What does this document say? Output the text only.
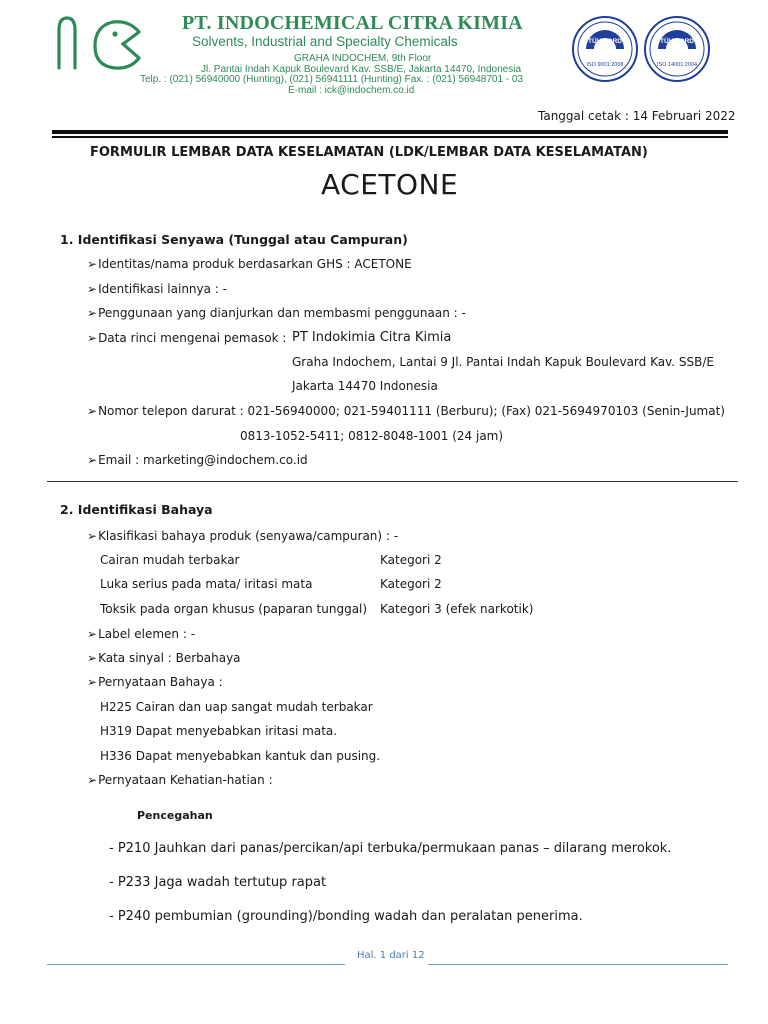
PT. INDOCHEMICAL CITRA KIMIA
Solvents, Industrial and Specialty Chemicals
GRAHA INDOCHEM, 9th Floor
Jl. Pantai Indah Kapuk Boulevard Kav. SSB/E, Jakarta 14470, Indonesia
Telp. : (021) 56940000 (Hunting), (021) 56941111 (Hunting) Fax. : (021) 56948701 - 03
E-mail : ick@indochem.co.id
TÜV NORD
ISO 9001:2008
TÜV NORD
ISO 14001:2004
Tanggal cetak : 14 Februari 2022
FORMULIR LEMBAR DATA KESELAMATAN (LDK/LEMBAR DATA KESELAMATAN)
ACETONE
1. Identifikasi Senyawa (Tunggal atau Campuran)
➢ Identitas/nama produk berdasarkan GHS : ACETONE
➢ Identifikasi lainnya : -
➢ Penggunaan yang dianjurkan dan membasmi penggunaan : -
➢ Data rinci mengenai pemasok : PT Indokimia Citra Kimia
Graha Indochem, Lantai 9 Jl. Pantai Indah Kapuk Boulevard Kav. SSB/E
Jakarta 14470 Indonesia
➢ Nomor telepon darurat : 021-56940000; 021-59401111 (Berburu); (Fax) 021-5694970103 (Senin-Jumat)
0813-1052-5411; 0812-8048-1001 (24 jam)
➢ Email : marketing@indochem.co.id
2. Identifikasi Bahaya
➢ Klasifikasi bahaya produk (senyawa/campuran) : -
Cairan mudah terbakar	Kategori 2
Luka serius pada mata/ iritasi mata	Kategori 2
Toksik pada organ khusus (paparan tunggal) Kategori 3 (efek narkotik)
➢ Label elemen : -
➢ Kata sinyal : Berbahaya
➢ Pernyataan Bahaya :
H225 Cairan dan uap sangat mudah terbakar
H319 Dapat menyebabkan iritasi mata.
H336 Dapat menyebabkan kantuk dan pusing.
➢ Pernyataan Kehatian-hatian :
Pencegahan
- P210 Jauhkan dari panas/percikan/api terbuka/permukaan panas – dilarang merokok.
- P233 Jaga wadah tertutup rapat
- P240 pembumian (grounding)/bonding wadah dan peralatan penerima.
Hal. 1 dari 12
